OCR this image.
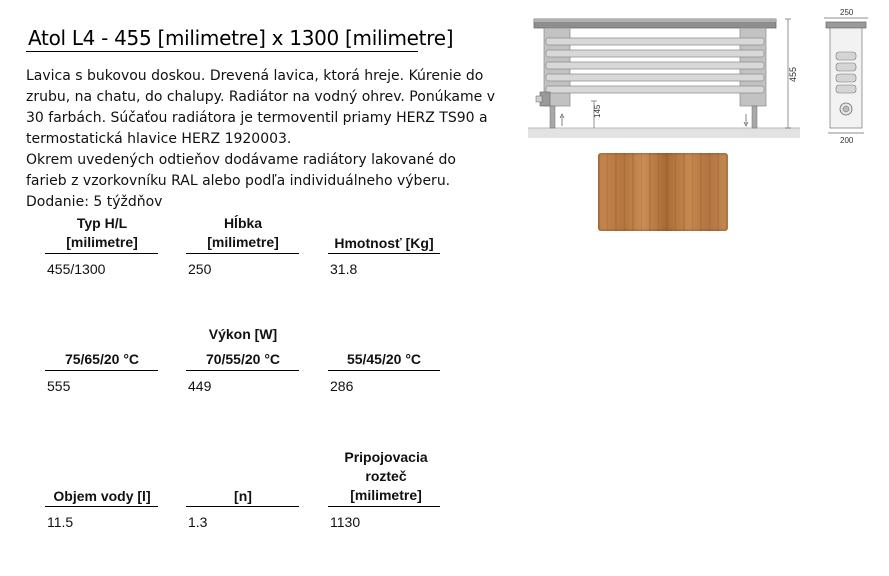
Atol L4 - 455 [milimetre] x 1300 [milimetre]

Lavica s bukovou doskou. Drevená lavica, ktorá hreje. Kúrenie do zrubu, na chatu, do chalupy. Radiátor na vodný ohrev. Ponúkame v 30 farbách. Súčaťou radiátora je termoventil priamy HERZ TS90 a termostatická hlavice HERZ 1920003.

Okrem uvedených odtieňov dodávame radiátory lakované do farieb z vzorkovníku RAL alebo podľa individuálneho výberu.

Dodanie: 5 týždňov

Typ H/L
[milimetre]
455/1300
Hĺbka
[milimetre]
250
Hmotnosť [Kg]
31.8
Výkon [W]
75/65/20 °C
555
70/55/20 °C
449
55/45/20 °C
286
Objem vody [l]
11.5
[n]
1.3
Pripojovacia
rozteč
[milimetre]
1130
145
455
250
200
